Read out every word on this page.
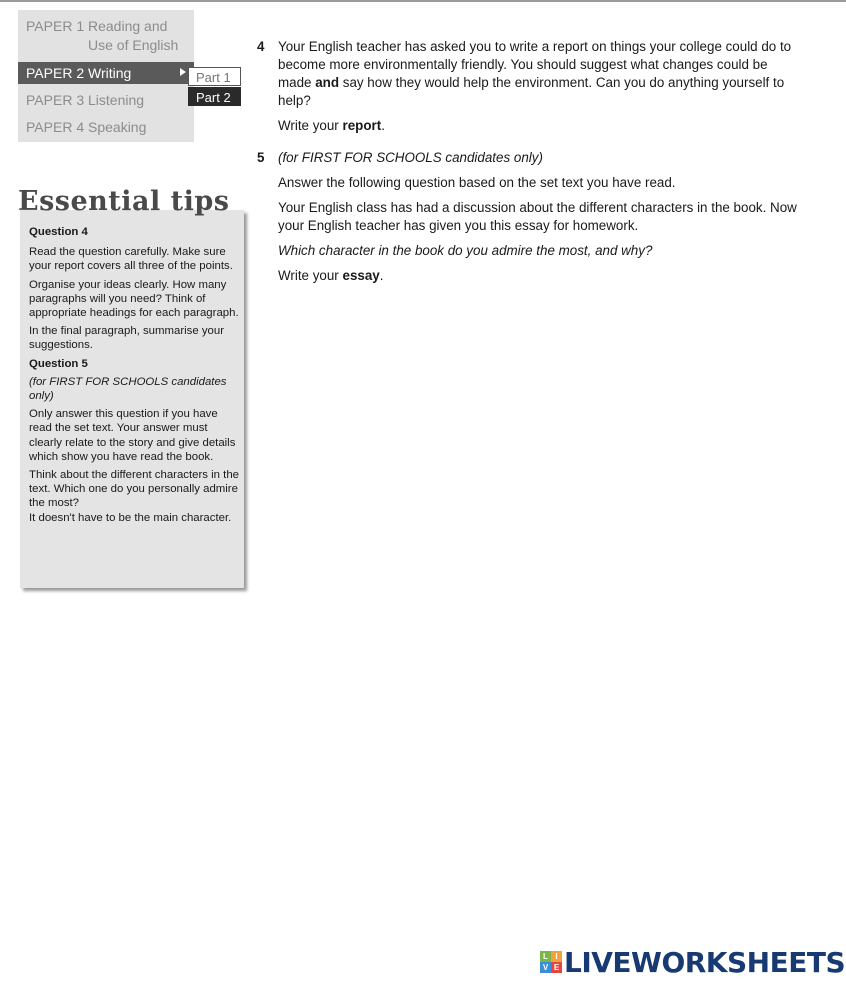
PAPER 1 Reading and
Use of English
PAPER 2 Writing
PAPER 3 Listening
PAPER 4 Speaking
Part 1
Part 2
Essential tips

Question 4

Read the question carefully. Make sure your report covers all three of the points.

Organise your ideas clearly. How many paragraphs will you need? Think of appropriate headings for each paragraph.

In the final paragraph, summarise your suggestions.

Question 5

(for FIRST FOR SCHOOLS candidates only)

Only answer this question if you have read the set text. Your answer must clearly relate to the story and give details which show you have read the book.

Think about the different characters in the text. Which one do you personally admire the most?

It doesn't have to be the main character.

4 Your English teacher has asked you to write a report on things your college could do to become more environmentally friendly. You should suggest what changes could be made and say how they would help the environment. Can you do anything yourself to help?

Write your report.

5 (for FIRST FOR SCHOOLS candidates only)

Answer the following question based on the set text you have read.

Your English class has had a discussion about the different characters in the book. Now your English teacher has given you this essay for homework.

Which character in the book do you admire the most, and why?

Write your essay.

L I
V E LIVEWORKSHEETS
